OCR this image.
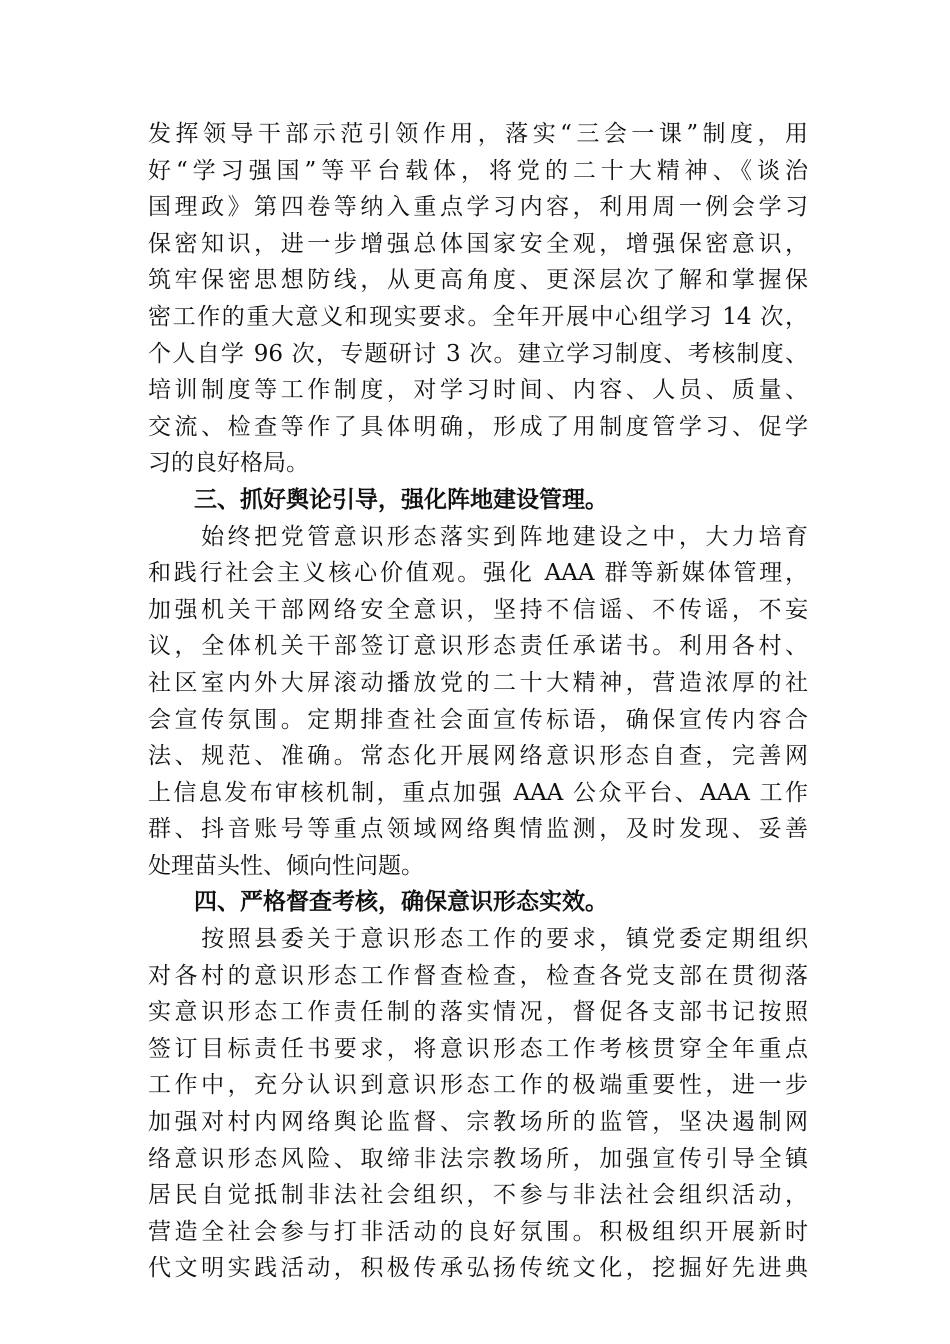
发挥领导干部示范引领作用，落实“三会一课”制度，用
好“学习强国”等平台载体，将党的二十大精神、《谈治
国理政》第四卷等纳入重点学习内容，利用周一例会学习
保密知识，进一步增强总体国家安全观，增强保密意识，
筑牢保密思想防线，从更高角度、更深层次了解和掌握保
密工作的重大意义和现实要求。全年开展中心组学习 14 次，
个人自学 96 次，专题研讨 3 次。建立学习制度、考核制度、
培训制度等工作制度，对学习时间、内容、人员、质量、
交流、检查等作了具体明确，形成了用制度管学习、促学
习的良好格局。
三、抓好舆论引导，强化阵地建设管理。
　　始终把党管意识形态落实到阵地建设之中，大力培育
和践行社会主义核心价值观。强化 AAA 群等新媒体管理，
加强机关干部网络安全意识，坚持不信谣、不传谣，不妄
议，全体机关干部签订意识形态责任承诺书。利用各村、
社区室内外大屏滚动播放党的二十大精神，营造浓厚的社
会宣传氛围。定期排查社会面宣传标语，确保宣传内容合
法、规范、准确。常态化开展网络意识形态自查，完善网
上信息发布审核机制，重点加强 AAA 公众平台、AAA 工作
群、抖音账号等重点领域网络舆情监测，及时发现、妥善
处理苗头性、倾向性问题。
四、严格督查考核，确保意识形态实效。
　　按照县委关于意识形态工作的要求，镇党委定期组织
对各村的意识形态工作督查检查，检查各党支部在贯彻落
实意识形态工作责任制的落实情况，督促各支部书记按照
签订目标责任书要求，将意识形态工作考核贯穿全年重点
工作中，充分认识到意识形态工作的极端重要性，进一步
加强对村内网络舆论监督、宗教场所的监管，坚决遏制网
络意识形态风险、取缔非法宗教场所，加强宣传引导全镇
居民自觉抵制非法社会组织，不参与非法社会组织活动，
营造全社会参与打非活动的良好氛围。积极组织开展新时
代文明实践活动，积极传承弘扬传统文化，挖掘好先进典
